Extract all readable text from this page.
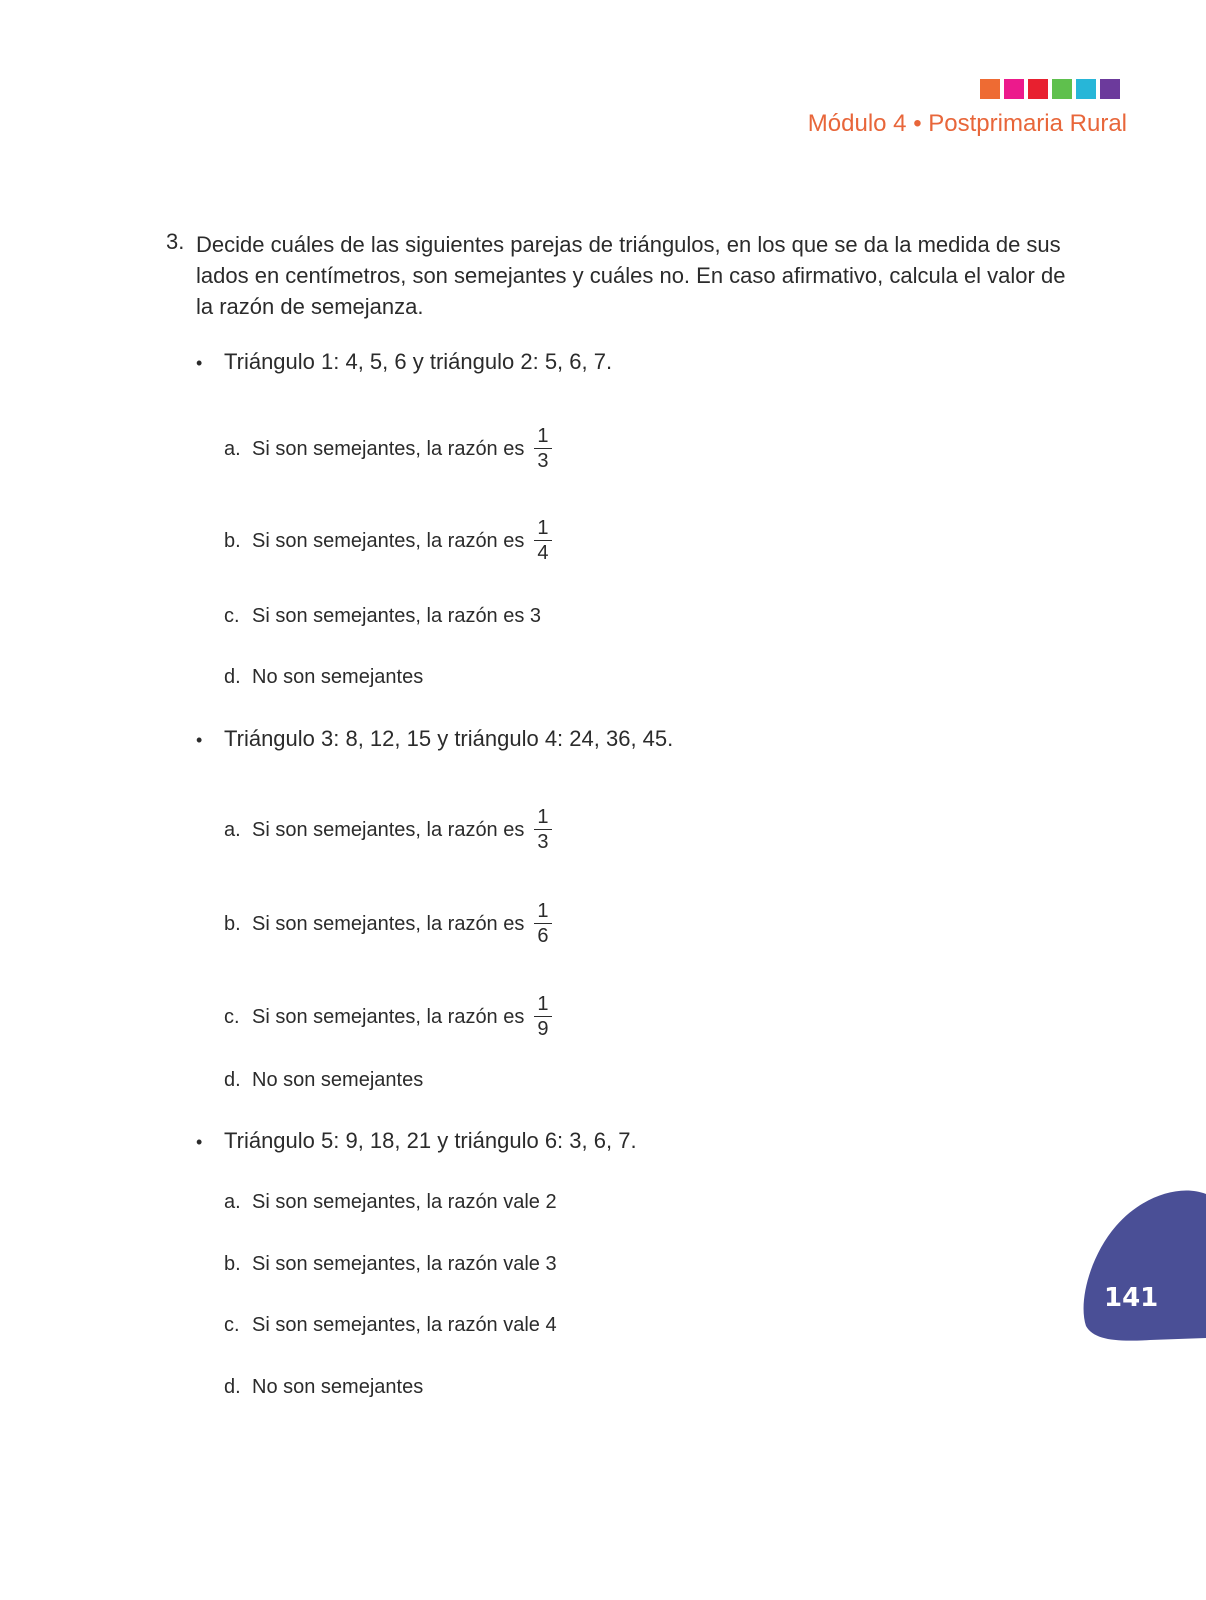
Módulo 4 • Postprimaria Rural
3. Decide cuáles de las siguientes parejas de triángulos, en los que se da la medida de sus lados en centímetros, son semejantes y cuáles no. En caso afirmativo, calcula el valor de la razón de semejanza.

• Triángulo 1: 4, 5, 6 y triángulo 2: 5, 6, 7.
a. Si son semejantes, la razón es $\frac{1}{3}$
b. Si son semejantes, la razón es $\frac{1}{4}$
c. Si son semejantes, la razón es 3
d. No son semejantes
• Triángulo 3: 8, 12, 15 y triángulo 4: 24, 36, 45.
a. Si son semejantes, la razón es $\frac{1}{3}$
b. Si son semejantes, la razón es $\frac{1}{6}$
c. Si son semejantes, la razón es $\frac{1}{9}$
d. No son semejantes
• Triángulo 5: 9, 18, 21 y triángulo 6: 3, 6, 7.
a. Si son semejantes, la razón vale 2
b. Si son semejantes, la razón vale 3
c. Si son semejantes, la razón vale 4
d. No son semejantes
141
